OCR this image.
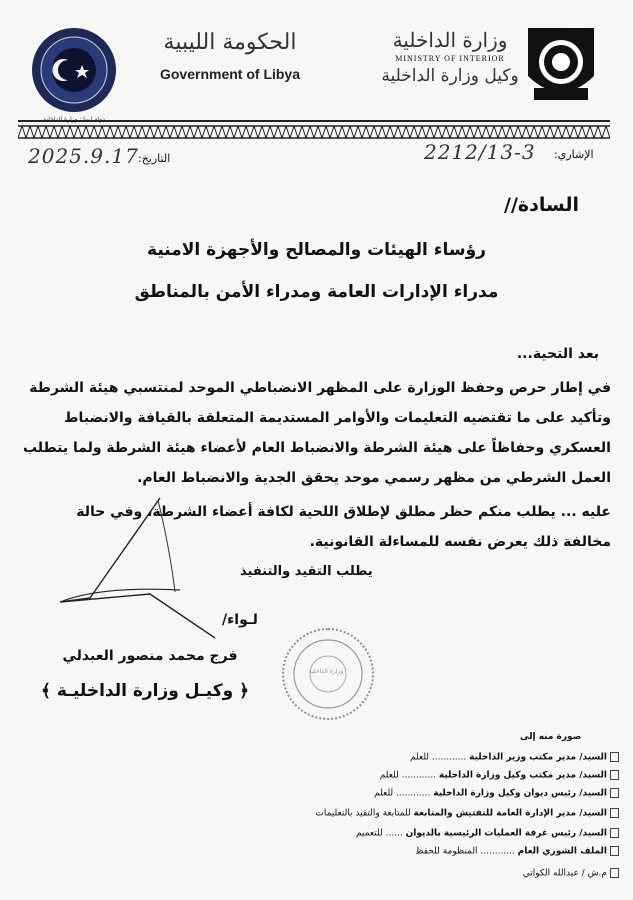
الحكومة الليبية
Government of Libya
وزارة الداخلية
MINISTRY OF INTERIOR
وكيل وزارة الداخلية
وزارة الداخلية
التاريخ:
2025.9.17	الإشاري:
2212/13-3
السادة//
رؤساء الهيئات والمصالح والأجهزة الامنية
مدراء الإدارات العامة ومدراء الأمن بالمناطق
بعد التحية...
في إطار حرص وحفظ الوزارة على المظهر الانضباطي الموحد لمنتسبي هيئة الشرطة
وتأكيد على ما تقتضيه التعليمات والأوامر المستديمة المتعلقة بالقيافة والانضباط
العسكري وحفاظاً على هيئة الشرطة والانضباط العام لأعضاء هيئة الشرطة ولما يتطلب
العمل الشرطي من مظهر رسمي موحد يحقق الجدية والانضباط العام.
عليه ... يطلب منكم حظر مطلق لإطلاق اللحية لكافة أعضاء الشرطة، وفي حالة
مخالفة ذلك يعرض نفسه للمساءلة القانونية.
يطلب التقيد والتنفيذ
وزارة الداخلية
لـواء/
فرج محمد منصور العبدلي
﴿ وكيـل وزارة الداخليـة ﴾
صورة منه إلى
السيد/ مدير مكتب وزير الداخلية ............ للعلم
السيد/ مدير مكتب وكيل وزارة الداخلية ............ للعلم
السيد/ رئيس ديوان وكيل وزارة الداخلية ............ للعلم
السيد/ مدير الإدارة العامة للتفتيش والمتابعة للمتابعة والتقيد بالتعليمات
السيد/ رئيس غرفة العمليات الرئيسية بالديوان ...... للتعميم
الملف الشوري العام ............ المنظومة للحفظ
م.ش / عبدالله الكواتي
